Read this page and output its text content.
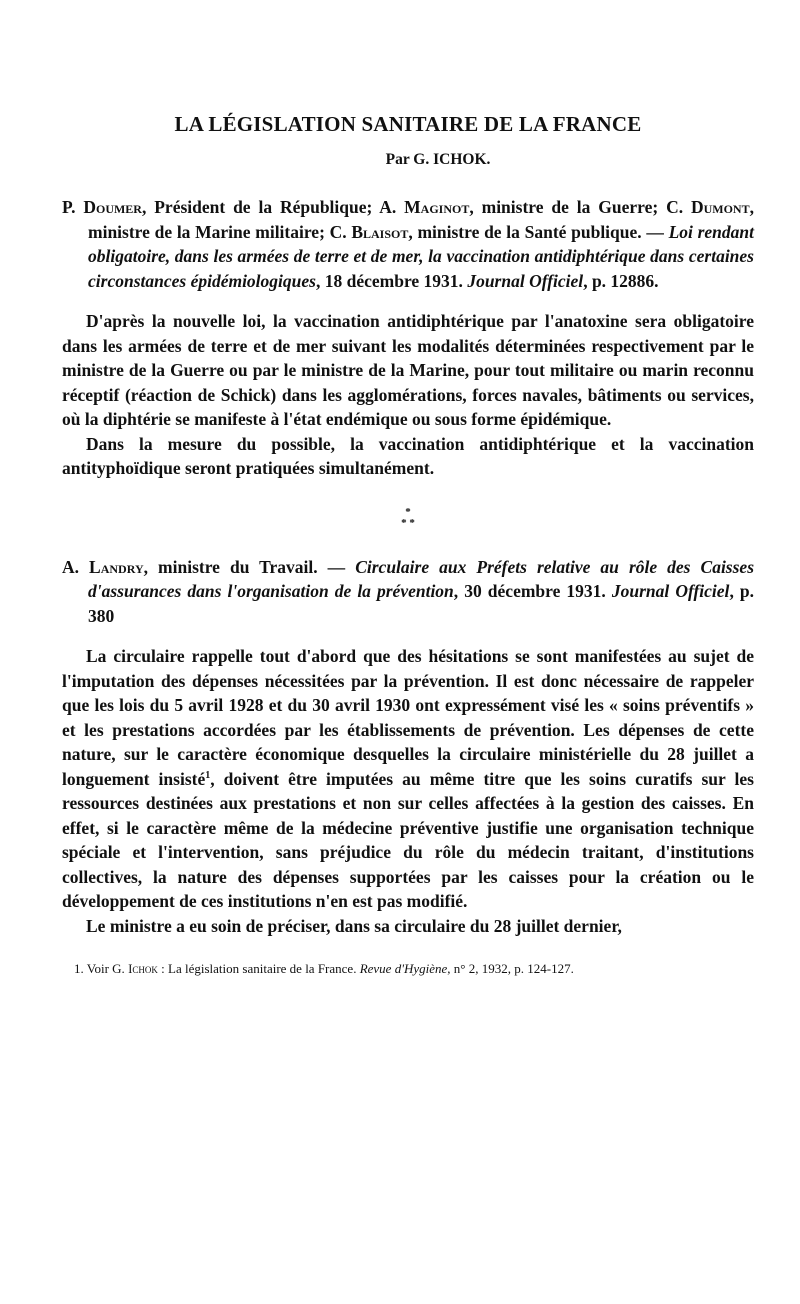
LA LÉGISLATION SANITAIRE DE LA FRANCE
Par G. ICHOK.

P. Doumer, Président de la République; A. Maginot, ministre de la Guerre; C. Dumont, ministre de la Marine militaire; C. Blaisot, ministre de la Santé publique. — Loi rendant obligatoire, dans les armées de terre et de mer, la vaccination antidiphtérique dans certaines circonstances épidémiologiques, 18 décembre 1931. Journal Officiel, p. 12886.

D'après la nouvelle loi, la vaccination antidiphtérique par l'anatoxine sera obligatoire dans les armées de terre et de mer suivant les modalités déterminées respectivement par le ministre de la Guerre ou par le ministre de la Marine, pour tout militaire ou marin reconnu réceptif (réaction de Schick) dans les agglomérations, forces navales, bâtiments ou services, où la diphtérie se manifeste à l'état endémique ou sous forme épidémique.

Dans la mesure du possible, la vaccination antidiphtérique et la vaccination antityphoïdique seront pratiquées simultanément.

*
* *

A. Landry, ministre du Travail. — Circulaire aux Préfets relative au rôle des Caisses d'assurances dans l'organisation de la prévention, 30 décembre 1931. Journal Officiel, p. 380

La circulaire rappelle tout d'abord que des hésitations se sont manifestées au sujet de l'imputation des dépenses nécessitées par la prévention. Il est donc nécessaire de rappeler que les lois du 5 avril 1928 et du 30 avril 1930 ont expressément visé les « soins préventifs » et les prestations accordées par les établissements de prévention. Les dépenses de cette nature, sur le caractère économique desquelles la circulaire ministérielle du 28 juillet a longuement insisté$^1$, doivent être imputées au même titre que les soins curatifs sur les ressources destinées aux prestations et non sur celles affectées à la gestion des caisses. En effet, si le caractère même de la médecine préventive justifie une organisation technique spéciale et l'intervention, sans préjudice du rôle du médecin traitant, d'institutions collectives, la nature des dépenses supportées par les caisses pour la création ou le développement de ces institutions n'en est pas modifié.

Le ministre a eu soin de préciser, dans sa circulaire du 28 juillet dernier,

1. Voir G. Ichok : La législation sanitaire de la France. Revue d'Hygiène, n° 2, 1932, p. 124-127.
